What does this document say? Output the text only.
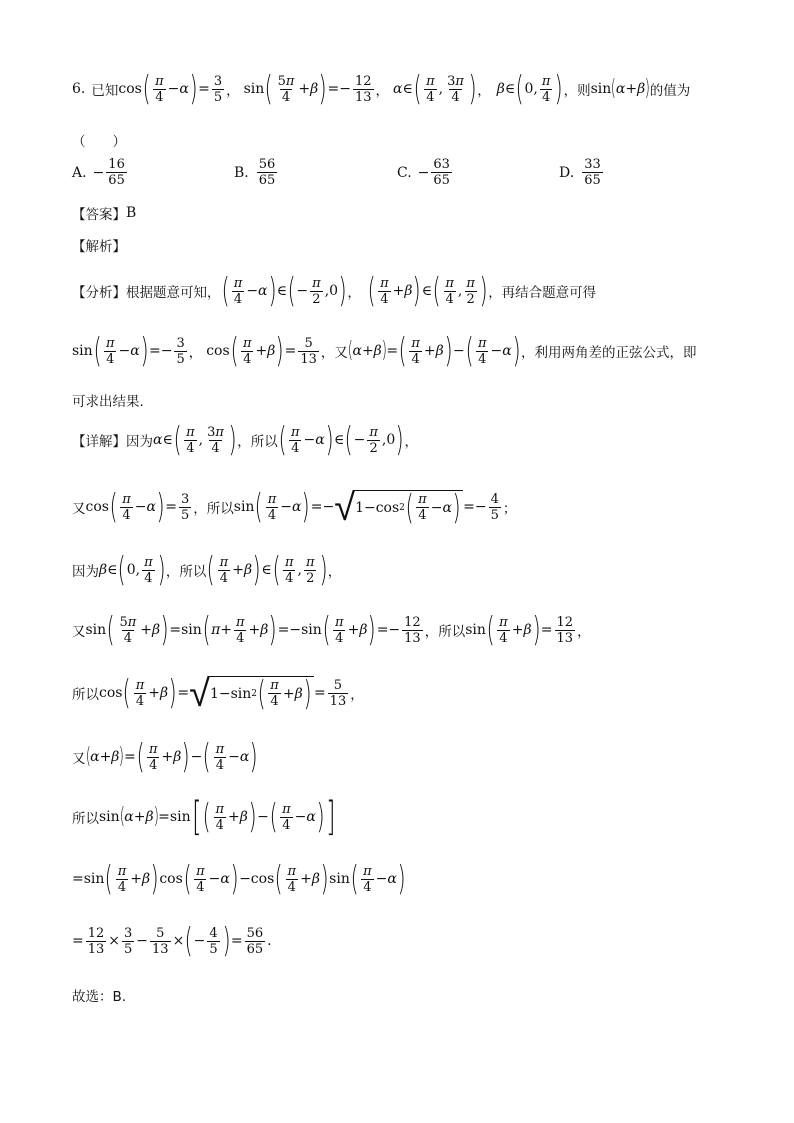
6. 已知 cos ( $\frac{\pi}{4} - \alpha$ ) = $\frac{3}{5}$ ， sin ( $\frac{5\pi}{4} + \beta$ ) =− $\frac{12}{13}$ ， α ∈ ( $\frac{\pi}{4}$ , $\frac{3\pi}{4}$ ) ， β ∈ ( 0, $\frac{\pi}{4}$ ) ，则 sin ( α + β ) 的值为
（　　）
A. − $\frac{16}{65}$	B. $\frac{56}{65}$	C. − $\frac{63}{65}$	D. $\frac{33}{65}$
【答案】 B
【解析】
【分析】 根据题意可知， ( $\frac{\pi}{4} - \alpha$ ) ∈ ( − $\frac{\pi}{2} ,0$ ) ， ( $\frac{\pi}{4} + \beta$ ) ∈ ( $\frac{\pi}{4}$ , $\frac{\pi}{2}$ ) ，再结合题意可得
sin ( $\frac{\pi}{4} - \alpha$ ) =− $\frac{3}{5}$ ， cos ( $\frac{\pi}{4} + \beta$ ) = $\frac{5}{13}$ ，又 ( α + β ) = ( $\frac{\pi}{4} + \beta$ ) − ( $\frac{\pi}{4} - \alpha$ ) ，利用两角差的正弦公式，即
可求出结果.
【详解】 因为 α ∈ ( $\frac{\pi}{4}$ , $\frac{3\pi}{4}$ ) ，所以 ( $\frac{\pi}{4} - \alpha$ ) ∈ ( − $\frac{\pi}{2} ,0$ ) ，
又 cos ( $\frac{\pi}{4} - \alpha$ ) = $\frac{3}{5}$ ，所以 sin ( $\frac{\pi}{4} - \alpha$ ) =− √ 1−cos 2 ( $\frac{\pi}{4} - \alpha$ ) =− $\frac{4}{5}$ ；
因为 β ∈ ( 0, $\frac{\pi}{4}$ ) ，所以 ( $\frac{\pi}{4} + \beta$ ) ∈ ( $\frac{\pi}{4}$ , $\frac{\pi}{2}$ ) ，
又 sin ( $\frac{5\pi}{4} + \beta$ ) =sin ( $\pi + \frac{\pi}{4} + \beta$ ) =−sin ( $\frac{\pi}{4} + \beta$ ) =− $\frac{12}{13}$ ，所以 sin ( $\frac{\pi}{4} + \beta$ ) = $\frac{12}{13}$ ，
所以 cos ( $\frac{\pi}{4} + \beta$ ) = √ 1−sin 2 ( $\frac{\pi}{4} + \beta$ ) = $\frac{5}{13}$ ，
又 ( α + β ) = ( $\frac{\pi}{4} + \beta$ ) − ( $\frac{\pi}{4} - \alpha$ )
所以 sin ( α + β ) =sin [ ( $\frac{\pi}{4} + \beta$ ) − ( $\frac{\pi}{4} - \alpha$ ) ]
=sin ( $\frac{\pi}{4} + \beta$ ) cos ( $\frac{\pi}{4} - \alpha$ ) −cos ( $\frac{\pi}{4} + \beta$ ) sin ( $\frac{\pi}{4} - \alpha$ )
= $\frac{12}{13} \times \frac{3}{5} - \frac{5}{13}$ × ( − $\frac{4}{5}$ ) = $\frac{56}{65}$ .
故选：B.
